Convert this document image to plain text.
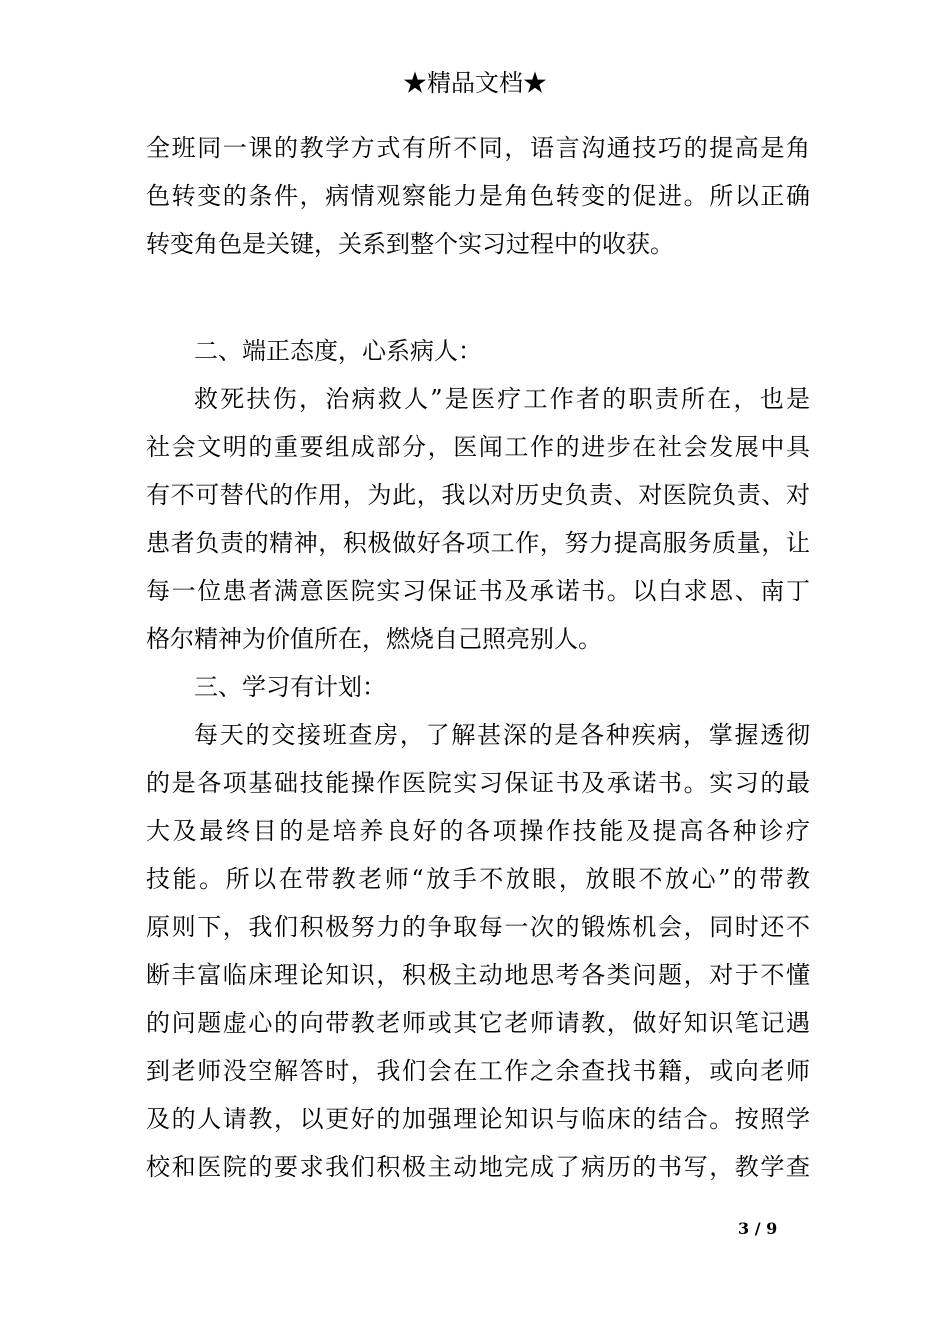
★精品文档★
全班同一课的教学方式有所不同，语言沟通技巧的提高是角
色转变的条件，病情观察能力是角色转变的促进。所以正确
转变角色是关键，关系到整个实习过程中的收获。
二、端正态度，心系病人：
救死扶伤，治病救人”是医疗工作者的职责所在，也是
社会文明的重要组成部分，医闻工作的进步在社会发展中具
有不可替代的作用，为此，我以对历史负责、对医院负责、对
患者负责的精神，积极做好各项工作，努力提高服务质量，让
每一位患者满意医院实习保证书及承诺书。以白求恩、南丁
格尔精神为价值所在，燃烧自己照亮别人。
三、学习有计划：
每天的交接班查房，了解甚深的是各种疾病，掌握透彻
的是各项基础技能操作医院实习保证书及承诺书。实习的最
大及最终目的是培养良好的各项操作技能及提高各种诊疗
技能。所以在带教老师“放手不放眼，放眼不放心”的带教
原则下，我们积极努力的争取每一次的锻炼机会，同时还不
断丰富临床理论知识，积极主动地思考各类问题，对于不懂
的问题虚心的向带教老师或其它老师请教，做好知识笔记遇
到老师没空解答时，我们会在工作之余查找书籍，或向老师
及的人请教，以更好的加强理论知识与临床的结合。按照学
校和医院的要求我们积极主动地完成了病历的书写，教学查
3 / 9
